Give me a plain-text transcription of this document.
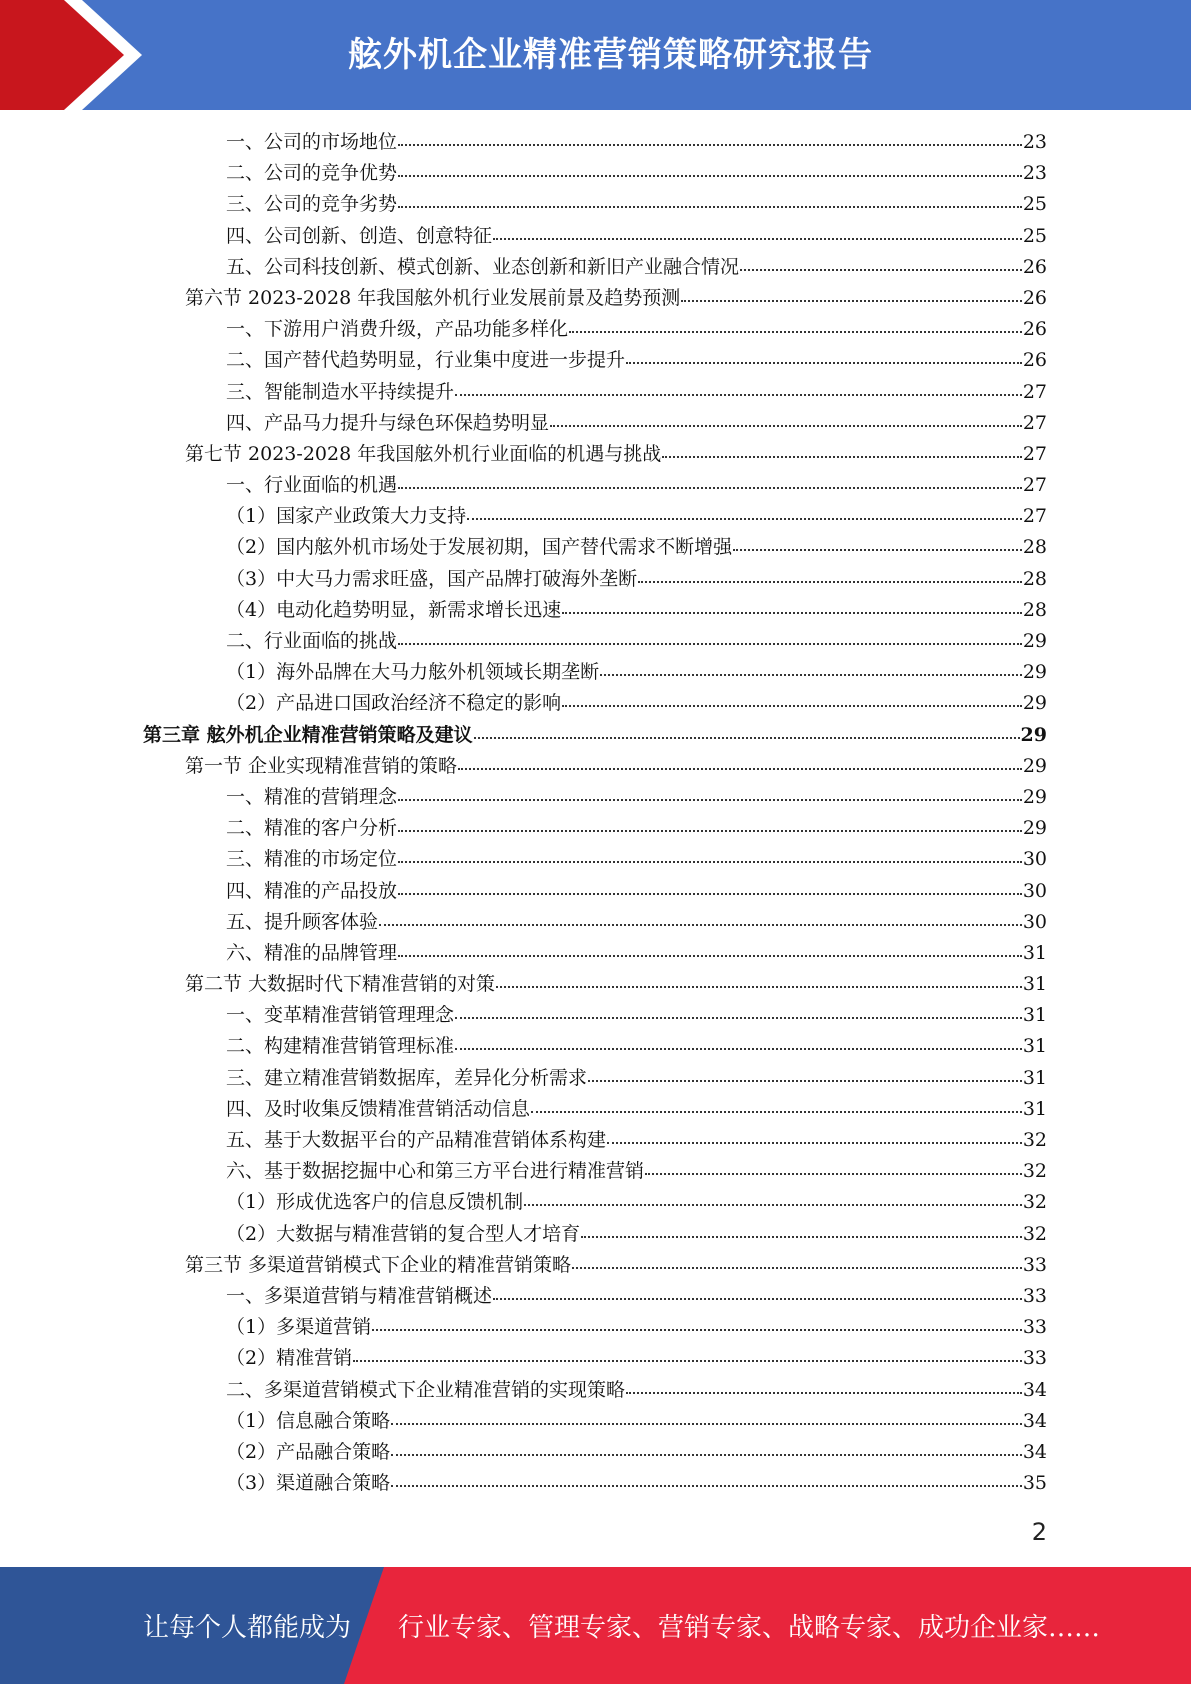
舷外机企业精准营销策略研究报告
一、公司的市场地位	23
二、公司的竞争优势	23
三、公司的竞争劣势	25
四、公司创新、创造、创意特征	25
五、公司科技创新、模式创新、业态创新和新旧产业融合情况	26
第六节 2023-2028 年我国舷外机行业发展前景及趋势预测	26
一、下游用户消费升级，产品功能多样化	26
二、国产替代趋势明显，行业集中度进一步提升	26
三、智能制造水平持续提升	27
四、产品马力提升与绿色环保趋势明显	27
第七节 2023-2028 年我国舷外机行业面临的机遇与挑战	27
一、行业面临的机遇	27
（1）国家产业政策大力支持	27
（2）国内舷外机市场处于发展初期，国产替代需求不断增强	28
（3）中大马力需求旺盛，国产品牌打破海外垄断	28
（4）电动化趋势明显，新需求增长迅速	28
二、行业面临的挑战	29
（1）海外品牌在大马力舷外机领域长期垄断	29
（2）产品进口国政治经济不稳定的影响	29
第三章 舷外机企业精准营销策略及建议	29
第一节 企业实现精准营销的策略	29
一、精准的营销理念	29
二、精准的客户分析	29
三、精准的市场定位	30
四、精准的产品投放	30
五、提升顾客体验	30
六、精准的品牌管理	31
第二节 大数据时代下精准营销的对策	31
一、变革精准营销管理理念	31
二、构建精准营销管理标准	31
三、建立精准营销数据库，差异化分析需求	31
四、及时收集反馈精准营销活动信息	31
五、基于大数据平台的产品精准营销体系构建	32
六、基于数据挖掘中心和第三方平台进行精准营销	32
（1）形成优选客户的信息反馈机制	32
（2）大数据与精准营销的复合型人才培育	32
第三节 多渠道营销模式下企业的精准营销策略	33
一、多渠道营销与精准营销概述	33
（1）多渠道营销	33
（2）精准营销	33
二、多渠道营销模式下企业精准营销的实现策略	34
（1）信息融合策略	34
（2）产品融合策略	34
（3）渠道融合策略	35
2
让每个人都能成为 行业专家、管理专家、营销专家、战略专家、成功企业家……
